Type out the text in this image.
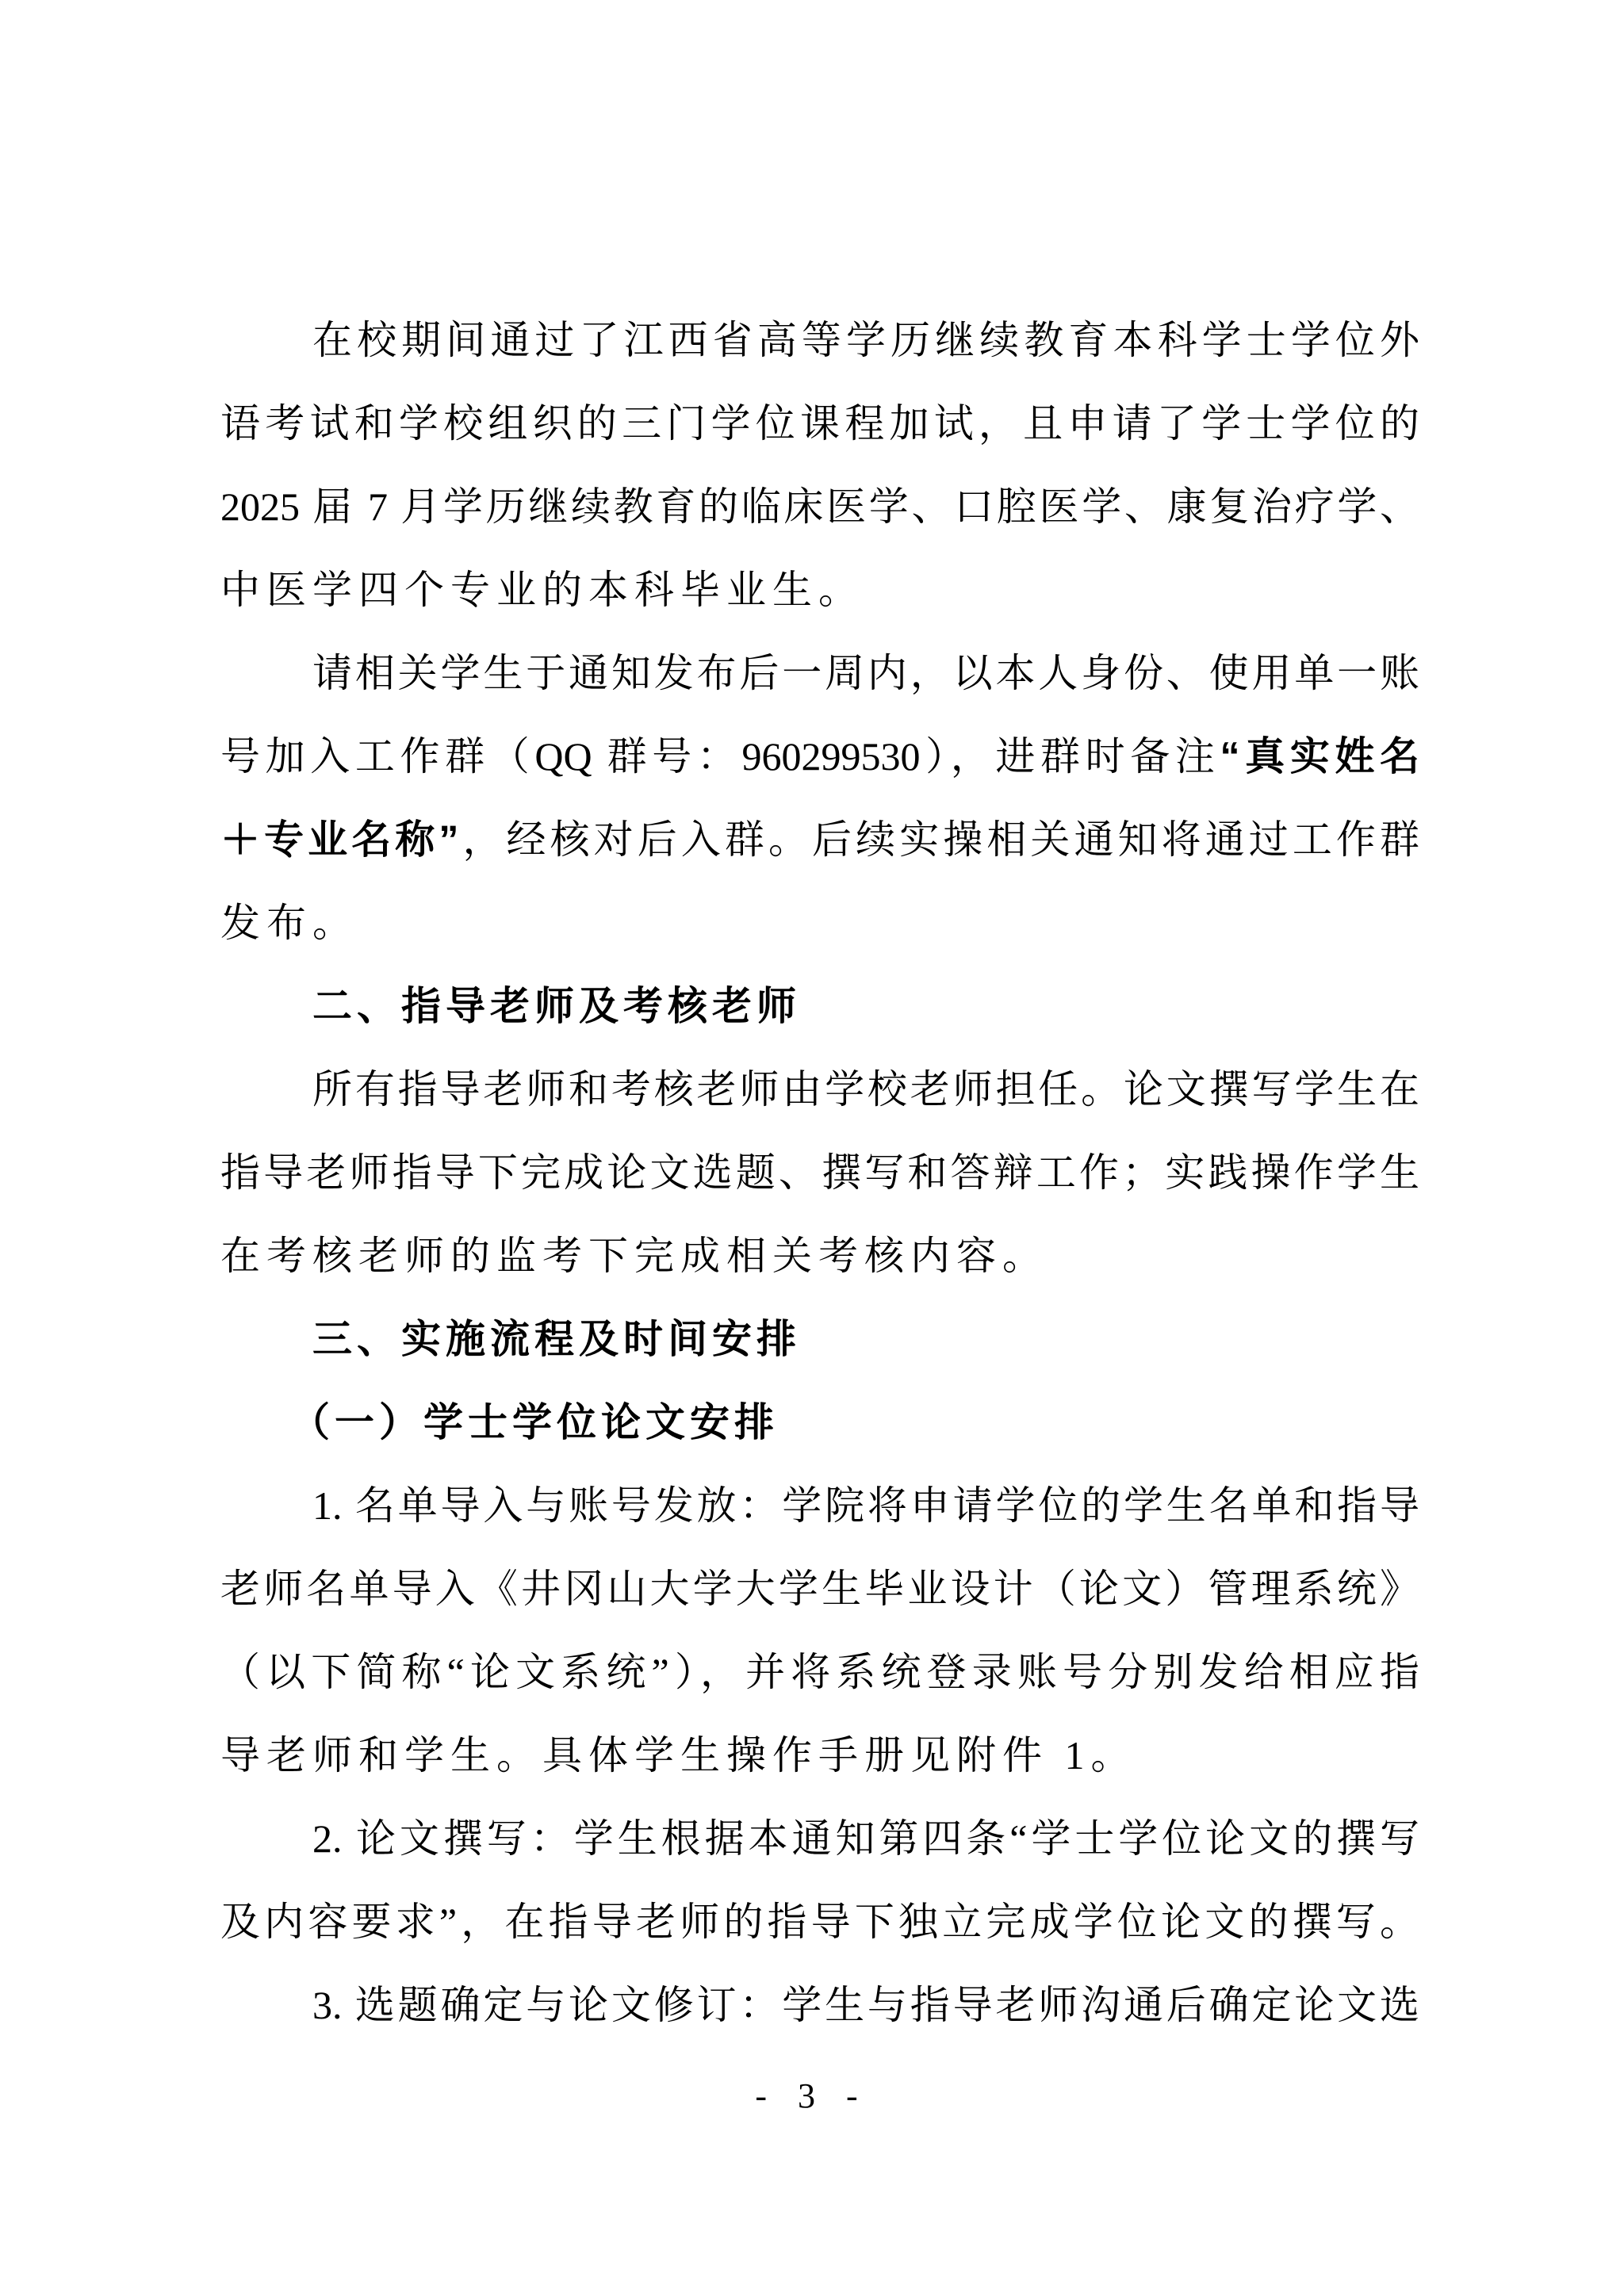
在校期间通过了江西省高等学历继续教育本科学士学位外
语考试和学校组织的三门学位课程加试，且申请了学士学位的
2025 届 7 月学历继续教育的临床医学、口腔医学、康复治疗学、
中医学四个专业的本科毕业生。
请相关学生于通知发布后一周内，以本人身份、使用单一账
号加入工作群（QQ 群号：960299530），进群时备注“真实姓名
＋专业名称”，经核对后入群。后续实操相关通知将通过工作群
发布。
二、指导老师及考核老师
所有指导老师和考核老师由学校老师担任。论文撰写学生在
指导老师指导下完成论文选题、撰写和答辩工作；实践操作学生
在考核老师的监考下完成相关考核内容。
三、实施流程及时间安排
（一）学士学位论文安排
1. 名单导入与账号发放：学院将申请学位的学生名单和指导
老师名单导入《井冈山大学大学生毕业设计（论文）管理系统》
（以下简称“论文系统”），并将系统登录账号分别发给相应指
导老师和学生。具体学生操作手册见附件 1。
2. 论文撰写：学生根据本通知第四条“学士学位论文的撰写
及内容要求”，在指导老师的指导下独立完成学位论文的撰写。
3. 选题确定与论文修订：学生与指导老师沟通后确定论文选
- 3 -
